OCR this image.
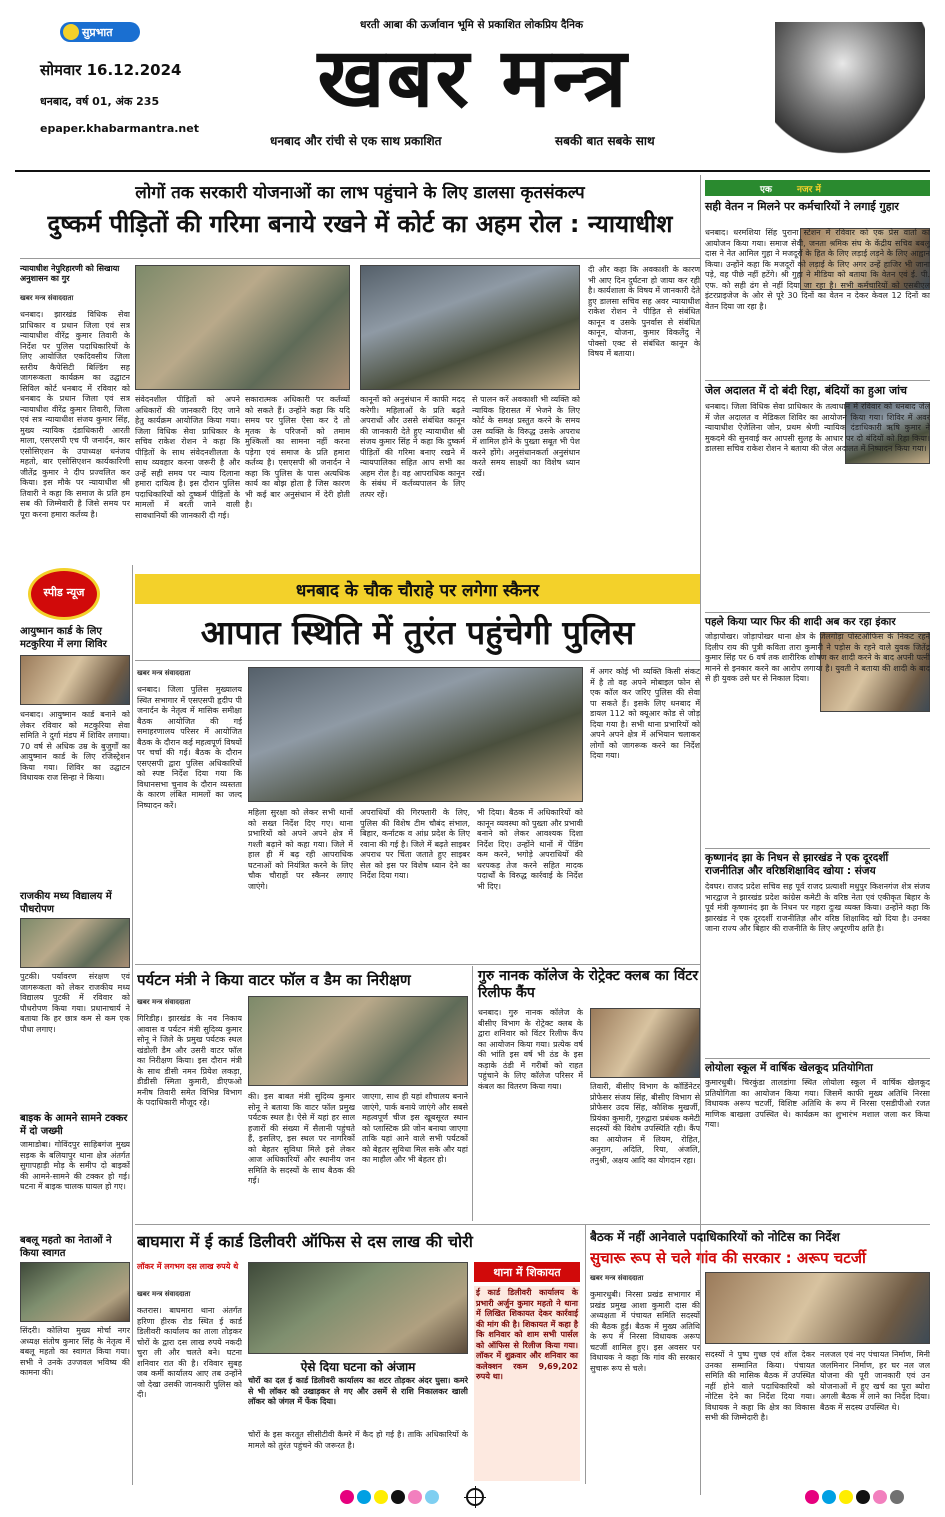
सुप्रभात
धरती आबा की ऊर्जावान भूमि से प्रकाशित लोकप्रिय दैनिक
सोमवार 16.12.2024
धनबाद, वर्ष 01, अंक 235
epaper.khabarmantra.net
खबर मन्त्र
धनबाद और रांची से एक साथ प्रकाशित	सबकी बात सबके साथ
लोगों तक सरकारी योजनाओं का लाभ पहुंचाने के लिए डालसा कृतसंकल्प
दुष्कर्म पीड़ितों की गरिमा बनाये रखने में कोर्ट का अहम रोल : न्यायाधीश
न्यायाधीश नेपुरिहारणी को सिखाया अनुशासन का गुर
खबर मन्त्र संवाददाता
धनबाद। झारखंड विधिक सेवा प्राधिकार व प्रधान जिला एवं सत्र न्यायाधीश वीरेंद्र कुमार तिवारी के निर्देश पर पुलिस पदाधिकारियों के लिए आयोजित एकदिवसीय जिला स्तरीय कैपेसिटी बिल्डिंग सह जागरूकता कार्यक्रम का उद्घाटन सिविल कोर्ट धनबाद में रविवार को धनबाद के प्रधान जिला एवं सत्र न्यायाधीश वीरेंद्र कुमार तिवारी, जिला एवं सत्र न्यायाधीश संजय कुमार सिंह, मुख्य न्यायिक दंडाधिकारी आरती माला, एसएसपी एच पी जनार्दन, कार एसोसिएशन के उपाध्यक्ष धनंजय महतो, बार एसोसिएशन कार्यकारिणी जीतेंद्र कुमार ने दीप प्रज्वलित कर किया। इस मौके पर न्यायाधीश श्री तिवारी ने कहा कि समाज के प्रति हम सब की जिम्मेवारी है जिसे समय पर पूरा करना हमारा कर्तव्य है।
संवेदनशील पीड़ितों को अपने अधिकारों की जानकारी दिए जाने हेतु कार्यक्रम आयोजित किया गया। जिला विधिक सेवा प्राधिकार के सचिव राकेश रोशन ने कहा कि पीड़ितों के साथ संवेदनशीलता के साथ व्यवहार करना जरूरी है और उन्हें सही समय पर न्याय दिलाना हमारा दायित्व है। इस दौरान पुलिस पदाधिकारियों को दुष्कर्म पीड़ितों के मामलों में बरती जाने वाली सावधानियों की जानकारी दी गई।
सकारात्मक अधिकारी पर कर्तव्यों को सकते हैं। उन्होंने कहा कि यदि समय पर पुलिस ऐसा कर दे तो मृतक के परिजनों को तमाम मुश्किलों का सामना नहीं करना पड़ेगा एवं समाज के प्रति हमारा कर्तव्य है। एसएसपी श्री जनार्दन ने कहा कि पुलिस के पास अत्यधिक कार्य का बोझ होता है जिस कारण भी कई बार अनुसंधान में देरी होती है।
कानूनों को अनुसंधान में काफी मदद करेगी। महिलाओं के प्रति बढ़ते अपराधों और उससे संबंधित कानून की जानकारी देते हुए न्यायाधीश श्री संजय कुमार सिंह ने कहा कि दुष्कर्म पीड़ितों की गरिमा बनाए रखने में न्यायपालिका सहित आप सभी का अहम रोल है। वह आपराधिक कानून के संबंध में कर्तव्यपालन के लिए तत्पर रहें।
से पालन करें अवकाशी भी व्यक्ति को न्यायिक हिरासत में भेजने के लिए कोर्ट के समक्ष प्रस्तुत करने के समय उस व्यक्ति के विरुद्ध उसके अपराध में शामिल होने के पुख्ता सबूत भी पेश करने होंगे। अनुसंधानकर्ता अनुसंधान करते समय साक्ष्यों का विशेष ध्यान रखें।
दी और कहा कि अवकाशी के कारण भी आए दिन दुर्घटना हो जाया कर रही है। कार्यशाला के विषय में जानकारी देते हुए डालसा सचिव सह अवर न्यायाधीश राकेश रोशन ने पीड़ित से संबंधित कानून व उसके पुनर्वास से संबंधित कानून, योजना, कुमार विकलेंदु ने पोक्सो एक्ट से संबंधित कानून के विषय में बताया।
एक	नजर में
सही वेतन न मिलने पर कर्मचारियों ने लगाई गुहार
धनबाद। धरमशिया सिंह पुराना स्टेशन में रविवार को एक प्रेस वार्ता का आयोजन किया गया। समाज सेवी, जनता श्रमिक संघ के केंद्रीय सचिव बबलू दास ने नेत आमिल गुहा ने मजदूरों के हित के लिए लड़ाई लड़ने के लिए आह्वान किया। उन्होंने कहा कि मजदूरों को लड़ाई के लिए अगर उन्हें हाजिर भी जाना पड़े, वह पीछे नहीं हटेंगे। श्री गुहा ने मीडिया को बताया कि वेतन एवं ई. पी. एफ. को सही ढंग से नहीं दिया जा रहा है। सभी कर्मचारियों को एसबीएल इंटरप्राइजेज के ओर से पूरे 30 दिनों का वेतन न देकर केवल 12 दिनों का वेतन दिया जा रहा है।
जेल अदालत में दो बंदी रिहा, बंदियों का हुआ जांच
धनबाद। जिला विधिक सेवा प्राधिकार के तत्वाधान में रविवार को धनबाद जेल में जेल अदालत व मेडिकल शिविर का आयोजन किया गया। शिविर में अवर न्यायाधीश ऐजेलिना जोन, प्रथम श्रेणी न्यायिक दंडाधिकारी ऋषि कुमार ने मुकदमे की सुनवाई कर आपसी सुलह के आधार पर दो बंदियों को रिहा किया। डालसा सचिव राकेश रोशन ने बताया की जेल अदालत में निष्पादन किया गया।
धनबाद के चौक चौराहे पर लगेगा स्कैनर
स्पीड न्यूज
आयुष्मान कार्ड के लिए मटकुरिया में लगा शिविर
धनबाद। आयुष्मान कार्ड बनाने को लेकर रविवार को मटकुरिया सेवा समिति ने दुर्गा मंडप में शिविर लगाया। 70 वर्ष से अधिक उम्र के बुजुर्गों का आयुष्मान कार्ड के लिए रजिस्ट्रेशन किया गया। शिविर का उद्घाटन विधायक राज सिन्हा ने किया।
राजकीय मध्य विद्यालय में पौधरोपण
पुटकी। पर्यावरण संरक्षण एवं जागरूकता को लेकर राजकीय मध्य विद्यालय पुटकी में रविवार को पौधरोपण किया गया। प्रधानाचार्य ने बताया कि हर छात्र कम से कम एक पौधा लगाए।
बाइक के आमने सामने टक्कर में दो जख्मी
जामाडोबा। गोविंदपुर साहिबगंज मुख्य सड़क के बलियापुर थाना क्षेत्र अंतर्गत सुगापहाड़ी मोड़ के समीप दो बाइकों की आमने-सामने की टक्कर हो गई। घटना में बाइक चालक घायल हो गए।
बबलू महतो का नेताओं ने किया स्वागत
सिंदरी। कोलिया मुख्य मोर्चा नगर अध्यक्ष संतोष कुमार सिंह के नेतृत्व में बबलू महतो का स्वागत किया गया। सभी ने उनके उज्जवल भविष्य की कामना की।
आपात स्थिति में तुरंत पहुंचेगी पुलिस
खबर मन्त्र संवाददाता
धनबाद। जिला पुलिस मुख्यालय स्थित सभागार में एसएसपी हृदीप पी जनार्दन के नेतृत्व में मासिक समीक्षा बैठक आयोजित की गई समाहरणालय परिसर में आयोजित बैठक के दौरान कई महत्वपूर्ण विषयों पर चर्चा की गई। बैठक के दौरान एसएसपी द्वारा पुलिस अधिकारियों को स्पष्ट निर्देश दिया गया कि विधानसभा चुनाव के दौरान व्यस्तता के कारण लंबित मामलों का जल्द निष्पादन करें।
महिला सुरक्षा को लेकर सभी थानों को सख्त निर्देश दिए गए। थाना प्रभारियों को अपने अपने क्षेत्र में गश्ती बढ़ाने को कहा गया। जिले में हाल ही में बढ़ रही आपराधिक घटनाओं को नियंत्रित करने के लिए चौक चौराहों पर स्कैनर लगाए जाएंगे।
अपराधियों की गिरफ्तारी के लिए, पुलिस की विशेष टीम चौबंद संभाल, बिहार, कर्नाटक व आंध्र प्रदेश के लिए रवाना की गई है। जिले में बढ़ते साइबर अपराध पर चिंता जताते हुए साइबर सेल को इस पर विशेष ध्यान देने का निर्देश दिया गया।
भी दिया। बैठक में अधिकारियों को कानून व्यवस्था को पुख्ता और प्रभावी बनाने को लेकर आवश्यक दिशा निर्देश दिए। उन्होंने थानों में पेंडिंग कम करने, भगोड़े अपराधियों की धरपकड़ तेज करने सहित मादक पदार्थों के विरुद्ध कार्रवाई के निर्देश भी दिए।
में अगर कोई भी व्यक्ति किसी संकट में है तो वह अपने मोबाइल फोन से एक कॉल कर जरिए पुलिस की सेवा पा सकते हैं। इसके लिए धनबाद में डायल 112 को क्यूआर कोड से जोड़ दिया गया है। सभी थाना प्रभारियों को अपने अपने क्षेत्र में अभियान चलाकर लोगों को जागरूक करने का निर्देश दिया गया।
पहले किया प्यार फिर की शादी अब कर रहा इंकार
जोड़ापोखर। जोड़ापोखर थाना क्षेत्र के जेलगोड़ा पोस्टऑफिस के निकट रहने दिलीप राय की पुत्री कविता तारा कुमारी ने पड़ोस के रहने वाले युवक जितेंद्र कुमार सिंह पर 6 वर्ष तक शारीरिक शोषण कर शादी करने के बाद अपनी पत्नी मानने से इनकार करने का आरोप लगाया है। युवती ने बताया की शादी के बाद से ही युवक उसे घर से निकाल दिया।
कृष्णानंद झा के निधन से झारखंड ने एक दूरदर्शी राजनीतिज्ञ और वरिष्ठशिक्षाविद खोया : संजय
देवघर। राजद प्रदेश सचिव सह पूर्व राजद प्रत्याशी मधुपुर किशनगंज शेत्र संजय भारद्वाज ने झारखंड प्रदेश कांग्रेस कमेटी के वरिष्ठ नेता एवं एकीकृत बिहार के पूर्व मंत्री कृष्णानंद झा के निधन पर गहरा दुःख व्यक्त किया। उन्होंने कहा कि झारखंड ने एक दूरदर्शी राजनीतिज्ञ और वरिष्ठ शिक्षाविद खो दिया है। उनका जाना राज्य और बिहार की राजनीति के लिए अपूरणीय क्षति है।
लोयोला स्कूल में वार्षिक खेलकूद प्रतियोगिता
कुमारधुबी। चिरकुंडा तालडांगा स्थित लोयोला स्कूल में वार्षिक खेलकूद प्रतियोगिता का आयोजन किया गया। जिसमें काफी मुख्य अतिथि निरसा विधायक अरूप चटर्जी, विशिष्ट अतिथि के रूप में निरसा एसडीपीओ रजत माणिक बाखला उपस्थित थे। कार्यक्रम का शुभारंभ मशाल जला कर किया गया।
पर्यटन मंत्री ने किया वाटर फॉल व डैम का निरीक्षण
खबर मन्त्र संवाददाता
गिरिडीह। झारखंड के नव निकाय आवास व पर्यटन मंत्री सुदिव्य कुमार सोनू ने जिले के प्रमुख पर्यटक स्थल खंडोली डैम और उसरी वाटर फॉल का निरीक्षण किया। इस दौरान मंत्री के साथ डीसी नमन प्रियेश लकड़ा, डीडीसी स्मिता कुमारी, डीएफओ मनीष तिवारी समेत विभिन्न विभाग के पदाधिकारी मौजूद रहे।
की। इस बाबत मंत्री सुदिव्य कुमार सोनू ने बताया कि वाटर फॉल प्रमुख पर्यटक स्थल है। ऐसे में यहां हर साल हजारों की संख्या में सैलानी पहुंचते हैं, इसलिए, इस स्थल पर नागरिकों को बेहतर सुविधा मिले इसे लेकर आज अधिकारियों और स्थानीय जन समिति के सदस्यों के साथ बैठक की गई।
जाएगा, साथ ही यहां शौचालय बनाने जाएंगे, पार्क बनाये जाएंगे और सबसे महत्वपूर्ण चीज इस खूबसूरत स्थान को प्लास्टिक फ्री जोन बनाया जाएगा ताकि यहां आने वाले सभी पर्यटकों को बेहतर सुविधा मिल सके और यहां का माहौल और भी बेहतर हो।
गुरु नानक कॉलेज के रोट्रेक्ट क्लब का विंटर रिलीफ कैंप
धनबाद। गुरु नानक कॉलेज के बीसीए विभाग के रोट्रेक्ट क्लब के द्वारा शनिवार को विंटर रिलीफ कैंप का आयोजन किया गया। प्रत्येक वर्ष की भांति इस वर्ष भी ठंड के इस कड़ाके ठंडी में गरीबों को राहत पहुंचाने के लिए कॉलेज परिसर में कंबल का वितरण किया गया।	तिवारी, बीसीए विभाग के कॉर्डिनेटर प्रोफेसर संजय सिंह, बीसीए विभाग से प्रोफेसर उदय सिंह, कौशिक मुखर्जी, प्रियंका कुमारी, गुरुद्वारा प्रबंधक कमेटी सदस्यों की विशेष उपस्थिति रही। कैंप का आयोजन में लियम, रोहित, अनुराग, अदिति, रिया, अंजलि, तनुश्री, अक्षय आदि का योगदान रहा।
बाघमारा में ई कार्ड डिलीवरी ऑफिस से दस लाख की चोरी
लॉकर में लगभग दस लाख रुपये थे
खबर मन्त्र संवाददाता
कतरास। बाघमारा थाना अंतर्गत हरिणा हीरक रोड स्थित ई कार्ड डिलीवरी कार्यालय का ताला तोड़कर चोरों के द्वारा दस लाख रुपये नकदी चुरा ली और चलते बने। घटना शनिवार रात की है। रविवार सुबह जब कर्मी कार्यालय आए तब उन्होंने जो देखा उसकी जानकारी पुलिस को दी।
ऐसे दिया घटना को अंजाम
चोरों का दल ई कार्ड डिलीवरी कार्यालय का शटर तोड़कर अंदर घुसा। कमरे से भी लॉकर को उखाड़कर ले गए और उसमें से राशि निकालकर खाली लॉकर को जंगल में फेंक दिया।
चोरों के इस करतूत सीसीटीवी कैमरे में कैद हो गई है। ताकि अधिकारियों के मामले को तुरंत पहुंचने की जरूरत है।
थाना में शिकायत
ई कार्ड डिलीवरी कार्यालय के प्रभारी अर्जुन कुमार महतो ने थाना में लिखित शिकायत देकर कार्रवाई की मांग की है। शिकायत में कहा है कि शनिवार को शाम सभी पार्सल को ऑफिस से रिलीज किया गया। लॉकर में शुक्रवार और शनिवार का कलेक्शन रकम 9,69,202 रुपये था।
बैठक में नहीं आनेवाले पदाधिकारियों को नोटिस का निर्देश
सुचारू रूप से चले गांव की सरकार : अरूप चटर्जी
खबर मन्त्र संवाददाता
कुमारधुबी। निरसा प्रखंड सभागार में प्रखंड प्रमुख आशा कुमारी दास की अध्यक्षता में पंचायत समिति सदस्यों की बैठक हुई। बैठक में मुख्य अतिथि के रूप में निरसा विधायक अरूप चटर्जी शामिल हुए। इस अवसर पर विधायक ने कहा कि गांव की सरकार सुचारू रूप से चले।
सदस्यों ने पुष्प गुच्छ एवं शॉल देकर उनका सम्मानित किया। पंचायत समिति की मासिक बैठक में उपस्थित नहीं होने वाले पदाधिकारियों को नोटिस देने का निर्देश दिया गया। विधायक ने कहा कि क्षेत्र का विकास सभी की जिम्मेदारी है।
नलजल एवं नए पंचायत निर्माण, मिनी जलमिनार निर्माण, हर घर नल जल योजना की पूरी जानकारी एवं उन योजनाओं में हुए खर्च का पूरा ब्योरा अगली बैठक में लाने का निर्देश दिया। बैठक में सदस्य उपस्थित थे।
